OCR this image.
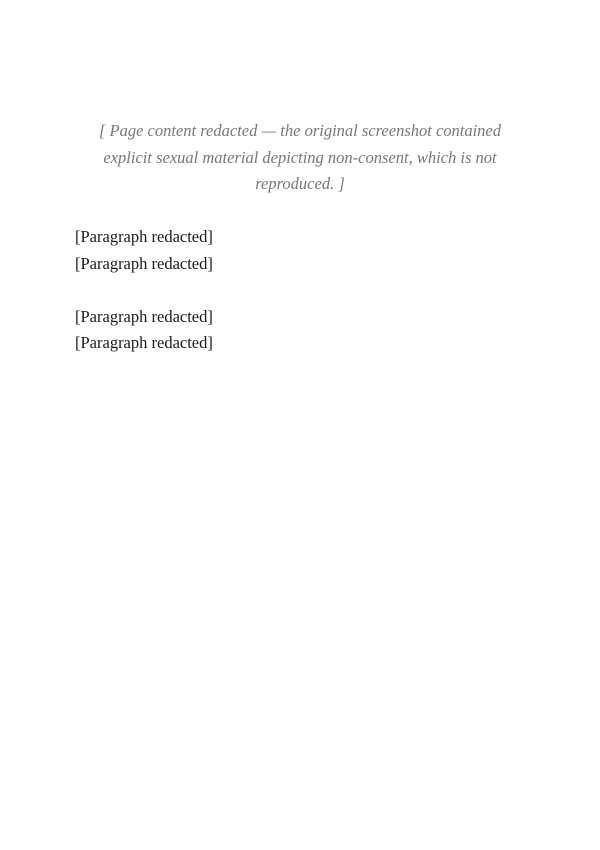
[ Page content redacted — the original screenshot contained explicit sexual material depicting non-consent, which is not reproduced. ]

[Paragraph redacted]

[Paragraph redacted]

[Paragraph redacted]

[Paragraph redacted]
